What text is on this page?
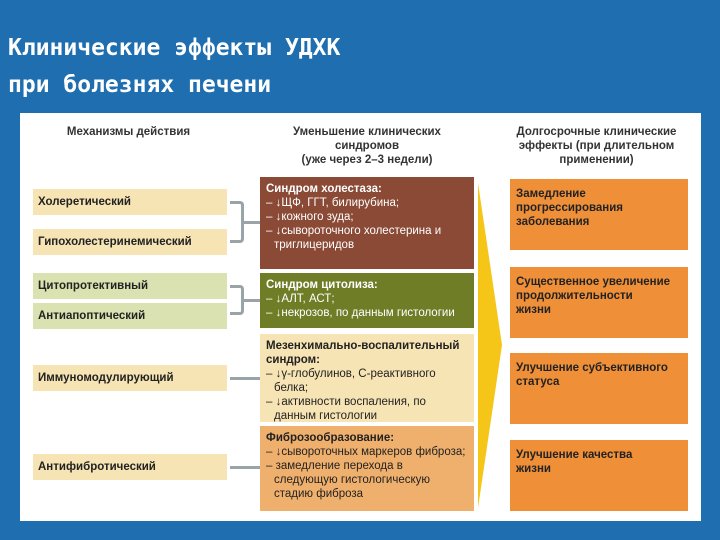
Клинические эффекты УДХК
при болезнях печени
Механизмы действия	Уменьшение клинических
синдромов
(уже через 2–3 недели)
Долгосрочные клинические
эффекты (при длительном
применении)
Холеретический
Гипохолестеринемический
Цитопротективный
Антиапоптический
Иммуномодулирующий
Антифибротический
Синдром холестаза:
– ↓ЩФ, ГГТ, билирубина;
– ↓кожного зуда;
– ↓сывороточного холестерина и триглицеридов
Синдром цитолиза:
– ↓АЛТ, АСТ;
– ↓некрозов, по данным гистологии
Мезенхимально-воспалительный синдром:
– ↓γ-глобулинов, С-реактивного белка;
– ↓активности воспаления, по данным гистологии
Фиброзообразование:
– ↓сывороточных маркеров фиброза;
– замедление перехода в следующую гистологическую стадию фиброза
Замедление
прогрессирования
заболевания
Существенное увеличение
продолжительности
жизни
Улучшение субъективного
статуса
Улучшение качества
жизни
